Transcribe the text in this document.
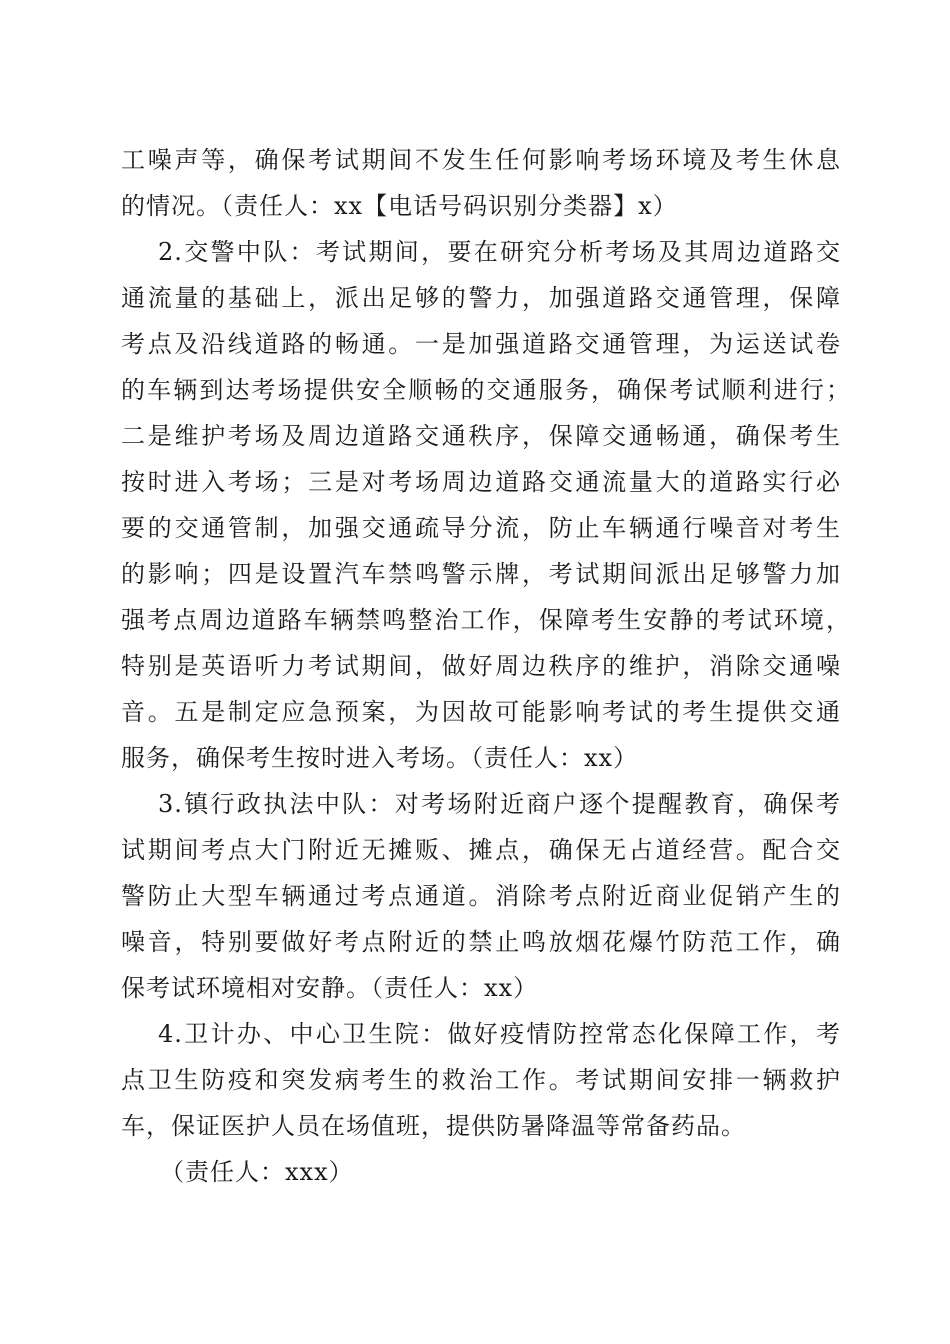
工噪声等，确保考试期间不发生任何影响考场环境及考生休息
的情况。（责任人：xx【电话号码识别分类器】x）
2.交警中队：考试期间，要在研究分析考场及其周边道路交
通流量的基础上，派出足够的警力，加强道路交通管理，保障
考点及沿线道路的畅通。一是加强道路交通管理，为运送试卷
的车辆到达考场提供安全顺畅的交通服务，确保考试顺利进行；
二是维护考场及周边道路交通秩序，保障交通畅通，确保考生
按时进入考场；三是对考场周边道路交通流量大的道路实行必
要的交通管制，加强交通疏导分流，防止车辆通行噪音对考生
的影响；四是设置汽车禁鸣警示牌，考试期间派出足够警力加
强考点周边道路车辆禁鸣整治工作，保障考生安静的考试环境，
特别是英语听力考试期间，做好周边秩序的维护，消除交通噪
音。五是制定应急预案，为因故可能影响考试的考生提供交通
服务，确保考生按时进入考场。（责任人：xx）
3.镇行政执法中队：对考场附近商户逐个提醒教育，确保考
试期间考点大门附近无摊贩、摊点，确保无占道经营。配合交
警防止大型车辆通过考点通道。消除考点附近商业促销产生的
噪音，特别要做好考点附近的禁止鸣放烟花爆竹防范工作，确
保考试环境相对安静。（责任人：xx）
4.卫计办、中心卫生院：做好疫情防控常态化保障工作，考
点卫生防疫和突发病考生的救治工作。考试期间安排一辆救护
车，保证医护人员在场值班，提供防暑降温等常备药品。
（责任人：xxx）
